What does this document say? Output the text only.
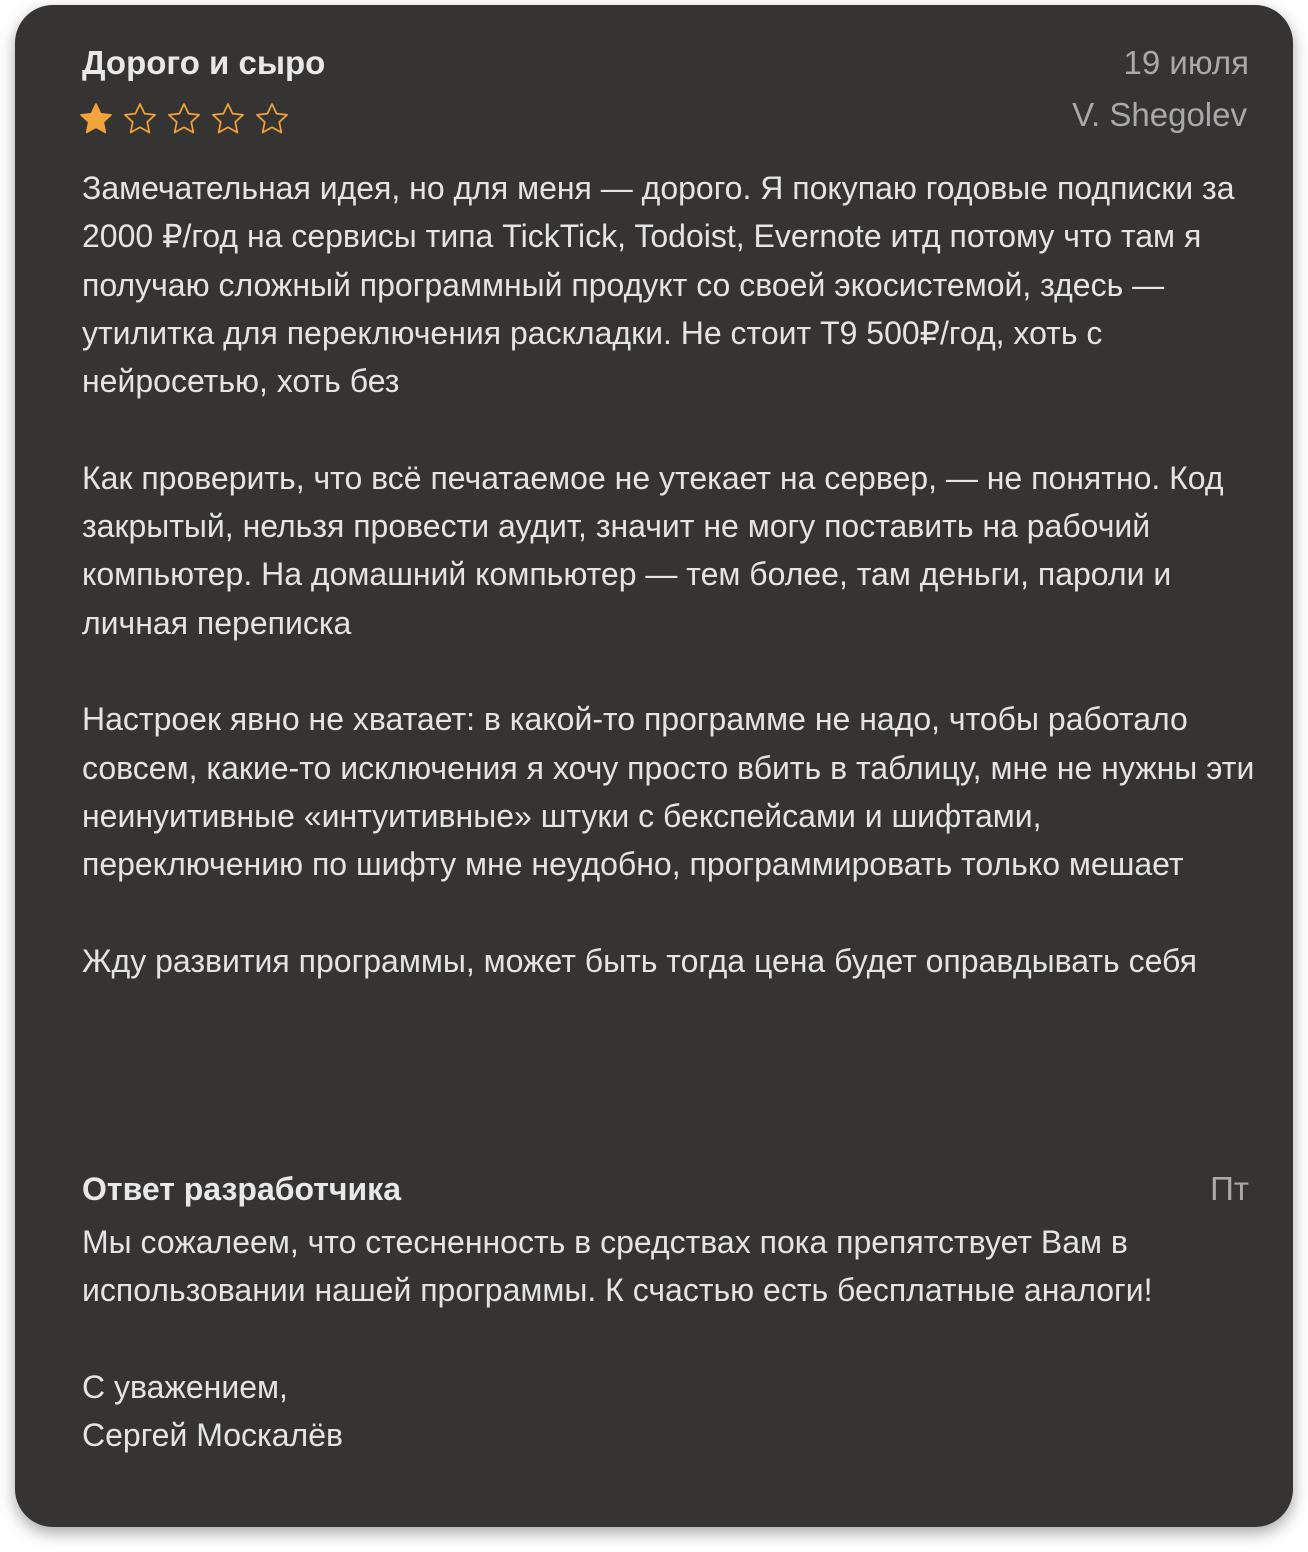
Дорого и сыро	19 июля
V. Shegolev

Замечательная идея, но для меня — дорого. Я покупаю годовые подписки за 2000 ₽/год на сервисы типа TickTick, Todoist, Evernote итд потому что там я получаю сложный программный продукт со своей экосистемой, здесь — утилитка для переключения раскладки. Не стоит T9 500₽/год, хоть с нейросетью, хоть без

Как проверить, что всё печатаемое не утекает на сервер, — не понятно. Код закрытый, нельзя провести аудит, значит не могу поставить на рабочий компьютер. На домашний компьютер — тем более, там деньги, пароли и личная переписка

Настроек явно не хватает: в какой-то программе не надо, чтобы работало совсем, какие-то исключения я хочу просто вбить в таблицу, мне не нужны эти неинуитивные «интуитивные» штуки с бекспейсами и шифтами, переключению по шифту мне неудобно, программировать только мешает

Жду развития программы, может быть тогда цена будет оправдывать себя

Ответ разработчика	Пт

Мы сожалеем, что стесненность в средствах пока препятствует Вам в использовании нашей программы. К счастью есть бесплатные аналоги!

С уважением,
Сергей Москалёв
